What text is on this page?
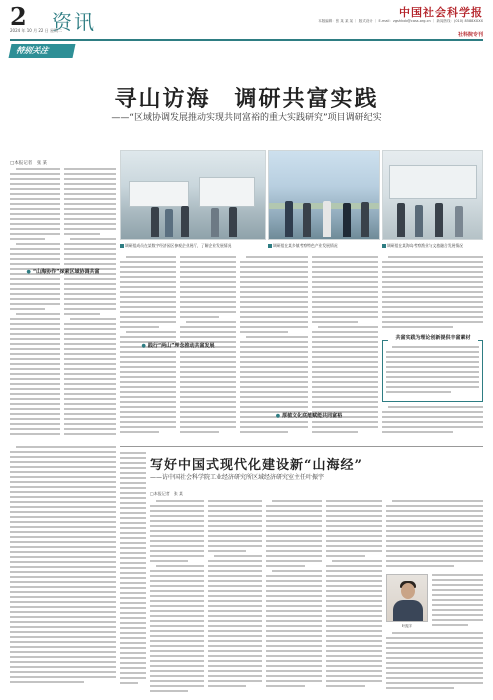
2
2024 年 10 月 22 日 星期二
资讯	中国社会科学报
本版编辑：张 某 某 某 ｜ 版式设计 ｜ E-mail：zgshkxb@cass.org.cn ｜ 新闻热线：(010) 8588XXXX
社科院专刊
特别关注
寻山访海　调研共富实践
——“区域协调发展推动实现共同富裕的重大实践研究”项目调研纪实
□本报记者　张 某
调研组成员在某数字经济园区参观企业展厅，了解企业发展情况	调研组在某乡镇考察特色产业发展情况	调研组在某海岛考察渔业与文旅融合发展情况
● “山海协作”探索区域协调共富
● 践行“两山”理念推动共富发展
共富实践为理论创新提供丰富素材
● 厚植文化底蕴赋能共同富裕
写好中国式现代化建设新“山海经”
——访中国社会科学院工业经济研究所区域经济研究室主任叶振宇
□本报记者　张 某
叶振宇
